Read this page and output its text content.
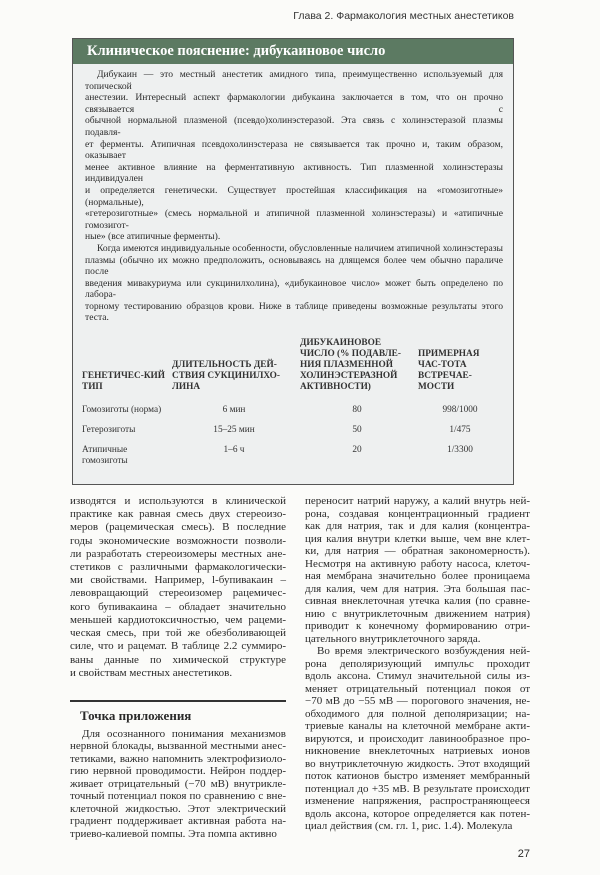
Глава 2. Фармакология местных анестетиков
Клиническое пояснение: дибукаиновое число
Дибукаин — это местный анестетик амидного типа, преимущественно используемый для топической
анестезии. Интересный аспект фармакологии дибукаина заключается в том, что он прочно связывается с
обычной нормальной плазменой (псевдо)холинэстеразой. Эта связь с холинэстеразой плазмы подавля-
ет ферменты. Атипичная псевдохолинэстераза не связывается так прочно и, таким образом, оказывает
менее активное влияние на ферментативную активность. Тип плазменной холинэстеразы индивидуален
и определяется генетически. Существует простейшая классификация на «гомозиготные» (нормальные),
«гетерозиготные» (смесь нормальной и атипичной плазменной холинэстеразы) и «атипичные гомозигот-
ные» (все атипичные ферменты).
Когда имеются индивидуальные особенности, обусловленные наличием атипичной холинэстеразы
плазмы (обычно их можно предположить, основываясь на длящемся более чем обычно параличе после
введения мивакуриума или сукцинилхолина), «дибукаиновое число» может быть определено по лабора-
торному тестированию образцов крови. Ниже в таблице приведены возможные результаты этого теста.
ГЕНЕТИЧЕС-КИЙ ТИП	ДЛИТЕЛЬНОСТЬ ДЕЙ-СТВИЯ СУКЦИНИЛХО-ЛИНА	ДИБУКАИНОВОЕ ЧИСЛО (% ПОДАВЛЕ-НИЯ ПЛАЗМЕННОЙ ХОЛИНЭСТЕРАЗНОЙ АКТИВНОСТИ)	ПРИМЕРНАЯ ЧАС-ТОТА ВСТРЕЧАЕ-МОСТИ
Гомозиготы (норма)	6 мин	80	998/1000
Гетерозиготы	15–25 мин	50	1/475
Атипичные гомозиготы	1–6 ч	20	1/3300
изводятся и используются в клинической
практике как равная смесь двух стереоизо-
меров (рацемическая смесь). В последние
годы экономические возможности позволи-
ли разработать стереоизомеры местных ане-
стетиков с различными фармакологически-
ми свойствами. Например, l-бупивакаин –
левовращающий стереоизомер рацемичес-
кого бупивакаина – обладает значительно
меньшей кардиотоксичностью, чем рацеми-
ческая смесь, при той же обезболивающей
силе, что и рацемат. В таблице 2.2 суммиро-
ваны данные по химической структуре
и свойствам местных анестетиков.
Точка приложения
Для осознанного понимания механизмов
нервной блокады, вызванной местными анес-
тетиками, важно напомнить электрофизиоло-
гию нервной проводимости. Нейрон поддер-
живает отрицательный (−70 мВ) внутрикле-
точный потенциал покоя по сравнению с вне-
клеточной жидкостью. Этот электрический
градиент поддерживает активная работа на-
триево-калиевой помпы. Эта помпа активно
переносит натрий наружу, а калий внутрь ней-
рона, создавая концентрационный градиент
как для натрия, так и для калия (концентра-
ция калия внутри клетки выше, чем вне клет-
ки, для натрия — обратная закономерность).
Несмотря на активную работу насоса, клеточ-
ная мембрана значительно более проницаема
для калия, чем для натрия. Эта большая пас-
сивная внеклеточная утечка калия (по сравне-
нию с внутриклеточным движением натрия)
приводит к конечному формированию отри-
цательного внутриклеточного заряда.
Во время электрического возбуждения ней-
рона деполяризующий импульс проходит
вдоль аксона. Стимул значительной силы из-
меняет отрицательный потенциал покоя от
−70 мВ до −55 мВ — порогового значения, не-
обходимого для полной деполяризации; на-
триевые каналы на клеточной мембране акти-
вируются, и происходит лавинообразное про-
никновение внеклеточных натриевых ионов
во внутриклеточную жидкость. Этот входящий
поток катионов быстро изменяет мембранный
потенциал до +35 мВ. В результате происходит
изменение напряжения, распространяющееся
вдоль аксона, которое определяется как потен-
циал действия (см. гл. 1, рис. 1.4). Молекула
27
